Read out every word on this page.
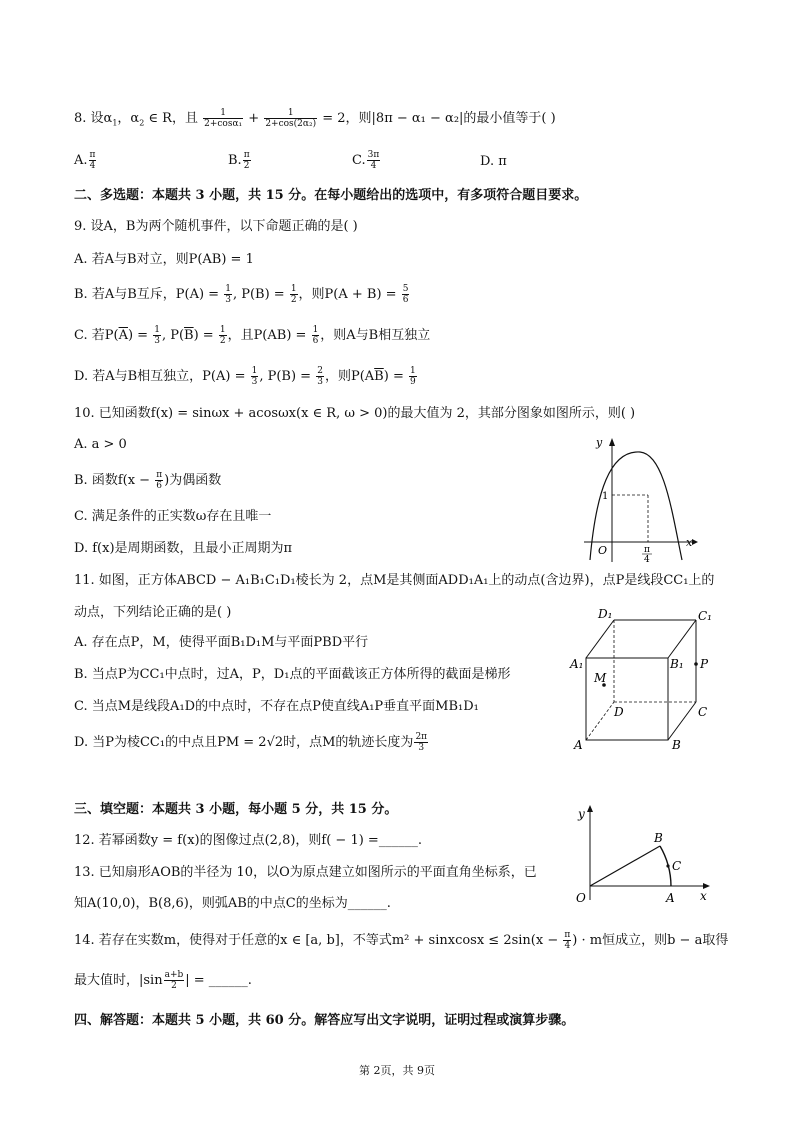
8. 设$\alpha_1$，$\alpha_2$ ∈ R，且 $\frac{1}{\text{2+cosα₁}} + \frac{1}{\text{2+cos(2α₂)}} = 2$，则|8π − α₁ − α₂|的最小值等于( )
A. $\frac{\pi}{4}$	B. $\frac{\pi}{2}$	C. $\frac{3\pi}{4}$	D. π
二、多选题：本题共 3 小题，共 15 分。在每小题给出的选项中，有多项符合题目要求。
9. 设A，B为两个随机事件，以下命题正确的是( )
A. 若A与B对立，则P(AB) = 1
B. 若A与B互斥，$P(A) = \frac{1}{3}$ , $P(B) = \frac{1}{2}$ ，则$P(A + B) = \frac{5}{6}$
C. 若$P(\overline{A}) = \frac{1}{3}$ , $P(\overline{B}) = \frac{1}{2}$ ，且$P(AB) = \frac{1}{6}$ ，则A与B相互独立
D. 若A与B相互独立，$P(A) = \frac{1}{3}$ , $P(B) = \frac{2}{3}$ ，则$P(A\overline{B}) = \frac{1}{9}$
10. 已知函数f(x) = sinωx + acosωx(x ∈ R, ω > 0)的最大值为 2，其部分图象如图所示，则( )
A. a > 0
B. 函数$f(x - \frac{\pi}{6}$ )为偶函数
C. 满足条件的正实数ω存在且唯一
D. f(x)是周期函数，且最小正周期为π
y
x
O
1
π
4
11. 如图，正方体ABCD − A₁B₁C₁D₁棱长为 2，点M是其侧面ADD₁A₁上的动点(含边界)，点P是线段CC₁上的
动点，下列结论正确的是( )
A. 存在点P，M，使得平面B₁D₁M与平面PBD平行
B. 当点P为CC₁中点时，过A，P，D₁点的平面截该正方体所得的截面是梯形
C. 当点M是线段A₁D的中点时，不存在点P使直线A₁P垂直平面MB₁D₁
D. 当P为棱CC₁的中点且PM = 2√2时，点M的轨迹长度为 $\frac{2\pi}{3}$
D₁	C₁
A₁	B₁ P
M
D	C
A	B
三、填空题：本题共 3 小题，每小题 5 分，共 15 分。
12. 若幂函数y = f(x)的图像过点(2,8)，则f( − 1) =______.
13. 已知扇形AOB的半径为 10，以O为原点建立如图所示的平面直角坐标系，已
知A(10,0)，B(8,6)，则弧AB的中点C的坐标为______.
y
x
O	A
B
C
14. 若存在实数m，使得对于任意的x ∈ [a, b]，不等式m² + sinxcosx ≤ $2\sin(x - \frac{\pi}{4}$ ) · m恒成立，则b − a取得
最大值时，$|\sin \frac{a+b}{2}$ | = ______.
四、解答题：本题共 5 小题，共 60 分。解答应写出文字说明，证明过程或演算步骤。
第 2页，共 9页
